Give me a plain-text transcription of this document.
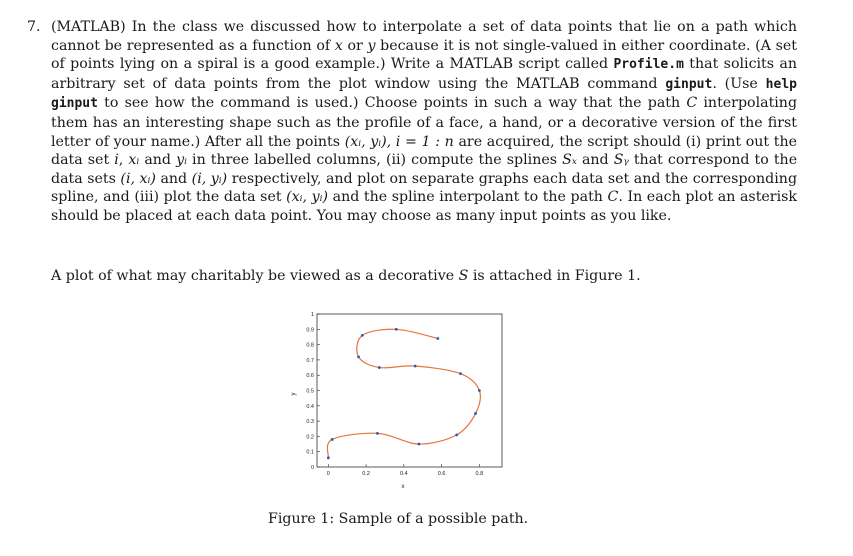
7. (MATLAB) In the class we discussed how to interpolate a set of data points that lie on a path which cannot be represented as a function of x or y because it is not single-valued in either coordinate. (A set of points lying on a spiral is a good example.) Write a MATLAB script called Profile.m that solicits an arbitrary set of data points from the plot window using the MATLAB command ginput. (Use help ginput to see how the command is used.) Choose points in such a way that the path C interpolating them has an interesting shape such as the profile of a face, a hand, or a decorative version of the first letter of your name.) After all the points (xᵢ, yᵢ), i = 1 : n are acquired, the script should (i) print out the data set i, xᵢ and yᵢ in three labelled columns, (ii) compute the splines Sₓ and Sᵧ that correspond to the data sets (i, xᵢ) and (i, yᵢ) respectively, and plot on separate graphs each data set and the corresponding spline, and (iii) plot the data set (xᵢ, yᵢ) and the spline interpolant to the path C. In each plot an asterisk should be placed at each data point. You may choose as many input points as you like.

A plot of what may charitably be viewed as a decorative S is attached in Figure 1.
0
0.1
0.2
0.3
0.4
0.5
0.6
0.7
0.8
0.9
1
0	0.2	0.4	0.6	0.8
x
y
Figure 1: Sample of a possible path.
